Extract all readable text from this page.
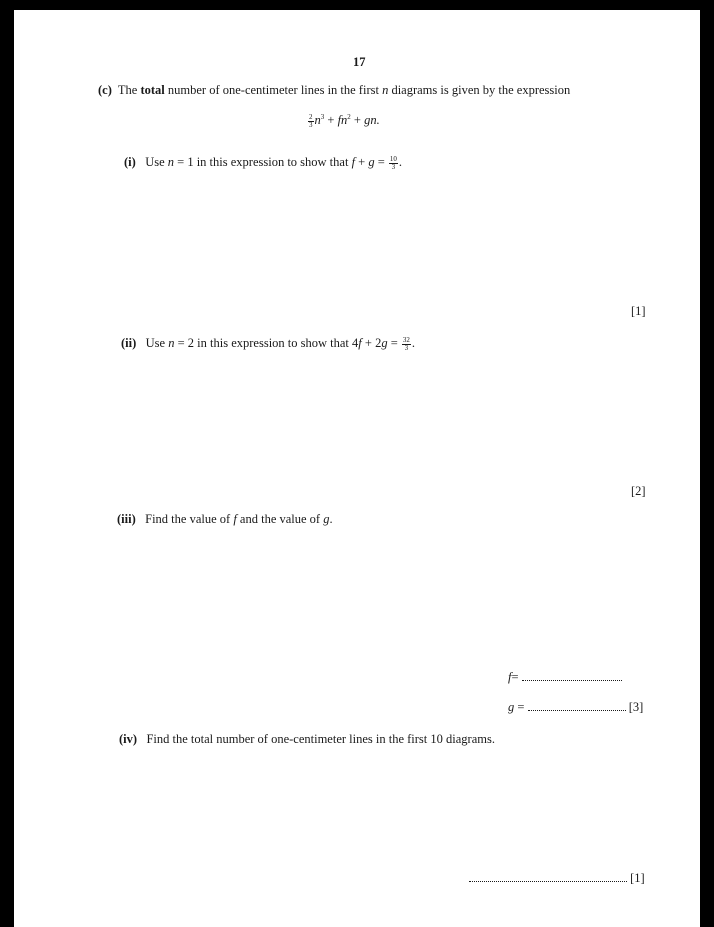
17
(c) The total number of one-centimeter lines in the first n diagrams is given by the expression
$\frac{2}{3} n^3 + fn^2$ + gn.
(i) Use n = 1 in this expression to show that $f + g = \frac{10}{3}$ .
[1]
(ii) Use n = 2 in this expression to show that $4f + 2g = \frac{32}{3}$ .
[2]
(iii) Find the value of f and the value of g.
f=
g =	[3]
(iv) Find the total number of one-centimeter lines in the first 10 diagrams.
[1]
